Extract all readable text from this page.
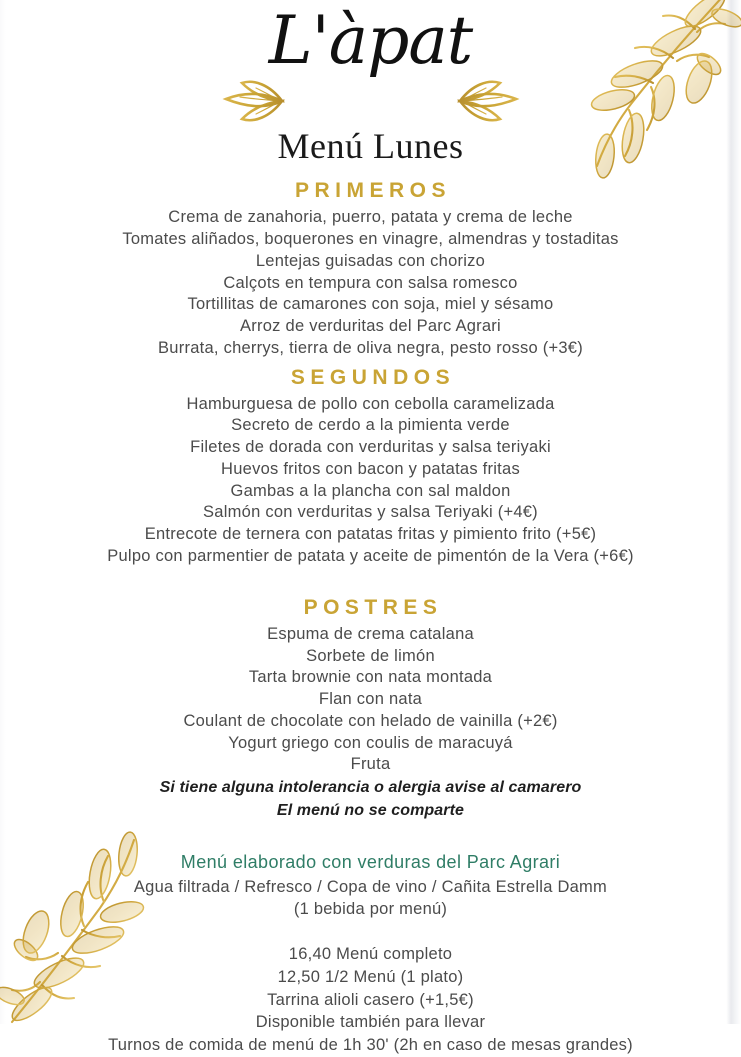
L'àpat
Menú Lunes
PRIMEROS
Crema de zanahoria, puerro, patata y crema de leche
Tomates aliñados, boquerones en vinagre, almendras y tostaditas
Lentejas guisadas con chorizo
Calçots en tempura con salsa romesco
Tortillitas de camarones con soja, miel y sésamo
Arroz de verduritas del Parc Agrari
Burrata, cherrys, tierra de oliva negra, pesto rosso (+3€)
SEGUNDOS
Hamburguesa de pollo con cebolla caramelizada
Secreto de cerdo a la pimienta verde
Filetes de dorada con verduritas y salsa teriyaki
Huevos fritos con bacon y patatas fritas
Gambas a la plancha con sal maldon
Salmón con verduritas y salsa Teriyaki (+4€)
Entrecote de ternera con patatas fritas y pimiento frito (+5€)
Pulpo con parmentier de patata y aceite de pimentón de la Vera (+6€)
POSTRES
Espuma de crema catalana
Sorbete de limón
Tarta brownie con nata montada
Flan con nata
Coulant de chocolate con helado de vainilla (+2€)
Yogurt griego con coulis de maracuyá
Fruta

Si tiene alguna intolerancia o alergia avise al camarero

El menú no se comparte

Menú elaborado con verduras del Parc Agrari

Agua filtrada / Refresco / Copa de vino / Cañita Estrella Damm

(1 bebida por menú)

16,40 Menú completo

12,50 1/2 Menú (1 plato)

Tarrina alioli casero (+1,5€)

Disponible también para llevar

Turnos de comida de menú de 1h 30' (2h en caso de mesas grandes)
